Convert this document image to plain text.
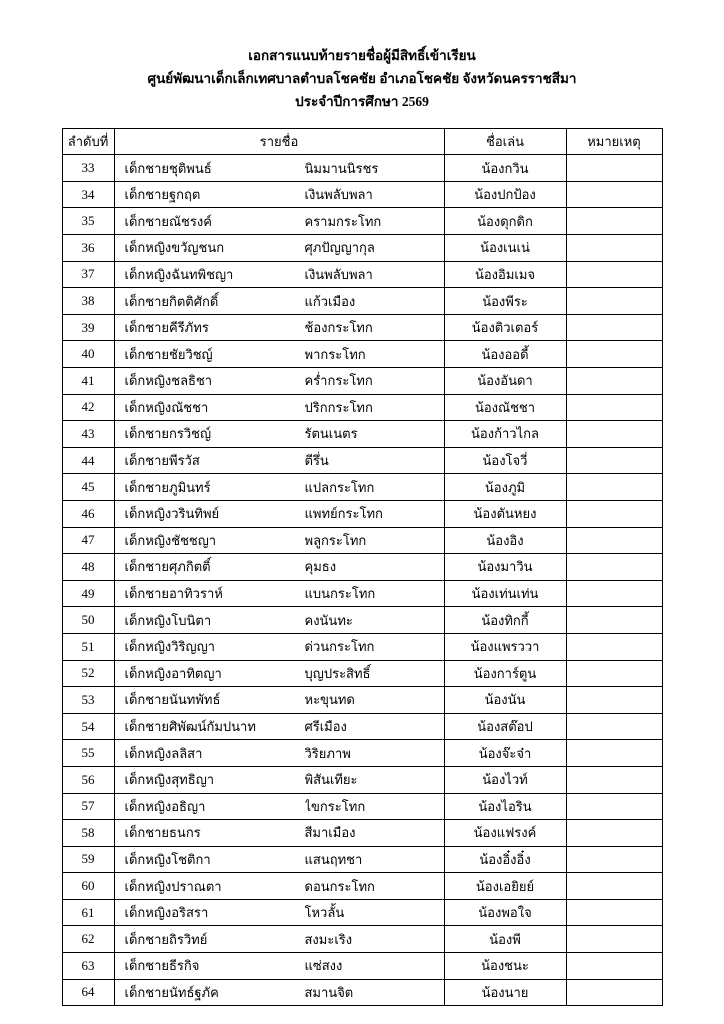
เอกสารแนบท้ายรายชื่อผู้มีสิทธิ์เข้าเรียน
ศูนย์พัฒนาเด็กเล็กเทศบาลตำบลโชคชัย อำเภอโชคชัย จังหวัดนครราชสีมา
ประจำปีการศึกษา 2569
ลำดับที่	รายชื่อ	ชื่อเล่น	หมายเหตุ
33	เด็กชายชุติพนธ์ นิมมานนิรชร	น้องกวิน	
34	เด็กชายฐกฤต เงินพลับพลา	น้องปกป้อง	
35	เด็กชายณัชรงค์ ครามกระโทก	น้องดุกดิก	
36	เด็กหญิงขวัญชนก ศุภปัญญากุล	น้องเนเน่	
37	เด็กหญิงฉันทพิชญา เงินพลับพลา	น้องอิมเมจ	
38	เด็กชายกิตติศักดิ์ แก้วเมือง	น้องพีระ	
39	เด็กชายคีรีภัทร ช้องกระโทก	น้องติวเตอร์	
40	เด็กชายชัยวิชญ์ พากระโทก	น้องออดี้	
41	เด็กหญิงชลธิชา คร่ำกระโทก	น้องอันดา	
42	เด็กหญิงณัชชา ปริกกระโทก	น้องณัชชา	
43	เด็กชายกรวิชญ์ รัตนเนตร	น้องก้าวไกล	
44	เด็กชายพีรวัส ตีรึ่น	น้องโจวี่	
45	เด็กชายภูมินทร์ แปลกระโทก	น้องภูมิ	
46	เด็กหญิงวรินทิพย์ แพทย์กระโทก	น้องตันหยง	
47	เด็กหญิงชัชชญา พลูกระโทก	น้องอิง	
48	เด็กชายศุภกิตติ์ คุมธง	น้องมาวิน	
49	เด็กชายอาทิวราห์ แบนกระโทก	น้องเท่นเท่น	
50	เด็กหญิงโบนิตา คงนันทะ	น้องทิกกี้	
51	เด็กหญิงวิริญญา ด่วนกระโทก	น้องแพรววา	
52	เด็กหญิงอาทิตญา บุญประสิทธิ์	น้องการ์ตูน	
53	เด็กชายนันทพัทธ์ หะขุนทด	น้องนัน	
54	เด็กชายศิพัฒน์กัมปนาท ศรีเมือง	น้องสต๊อป	
55	เด็กหญิงลลิสา วิริยภาพ	น้องจ๊ะจ๋า	
56	เด็กหญิงสุทธิญา พิสันเทียะ	น้องไวท์	
57	เด็กหญิงอธิญา ไขกระโทก	น้องไอริน	
58	เด็กชายธนกร สีมาเมือง	น้องแฟรงค์	
59	เด็กหญิงโชติกา แสนฤทชา	น้องอิ๋งอิ๋ง	
60	เด็กหญิงปราณตา ดอนกระโทก	น้องเอยิยย์	
61	เด็กหญิงอริสรา โหวลั้น	น้องพอใจ	
62	เด็กชายถิรวิทย์ สงมะเริง	น้องพี	
63	เด็กชายธีรกิจ แซ่สงง	น้องชนะ	
64	เด็กชายนัทธ์ฐภัค สมานจิต	น้องนาย	
